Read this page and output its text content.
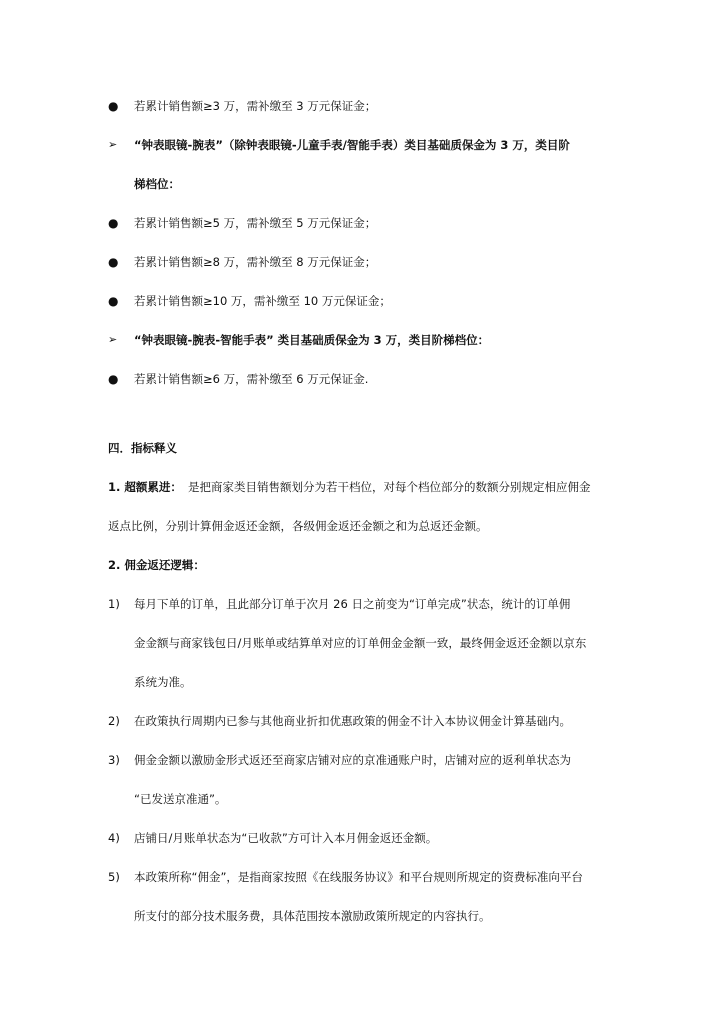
● 若累计销售额≥3 万，需补缴至 3 万元保证金；
➢ “钟表眼镜-腕表”（除钟表眼镜-儿童手表/智能手表）类目基础质保金为 3 万，类目阶
梯档位：
● 若累计销售额≥5 万，需补缴至 5 万元保证金；
● 若累计销售额≥8 万，需补缴至 8 万元保证金；
● 若累计销售额≥10 万，需补缴至 10 万元保证金；
➢ “钟表眼镜-腕表-智能手表” 类目基础质保金为 3 万，类目阶梯档位：
● 若累计销售额≥6 万，需补缴至 6 万元保证金.
四．指标释义
1. 超额累进： 是把商家类目销售额划分为若干档位，对每个档位部分的数额分别规定相应佣金
返点比例，分别计算佣金返还金额，各级佣金返还金额之和为总返还金额。
2. 佣金返还逻辑：
1) 每月下单的订单，且此部分订单于次月 26 日之前变为“订单完成”状态，统计的订单佣
金金额与商家钱包日/月账单或结算单对应的订单佣金金额一致，最终佣金返还金额以京东
系统为准。
2) 在政策执行周期内已参与其他商业折扣优惠政策的佣金不计入本协议佣金计算基础内。
3) 佣金金额以激励金形式返还至商家店铺对应的京准通账户时，店铺对应的返利单状态为
“已发送京准通”。
4) 店铺日/月账单状态为“已收款”方可计入本月佣金返还金额。
5) 本政策所称“佣金”，是指商家按照《在线服务协议》和平台规则所规定的资费标准向平台
所支付的部分技术服务费，具体范围按本激励政策所规定的内容执行。
